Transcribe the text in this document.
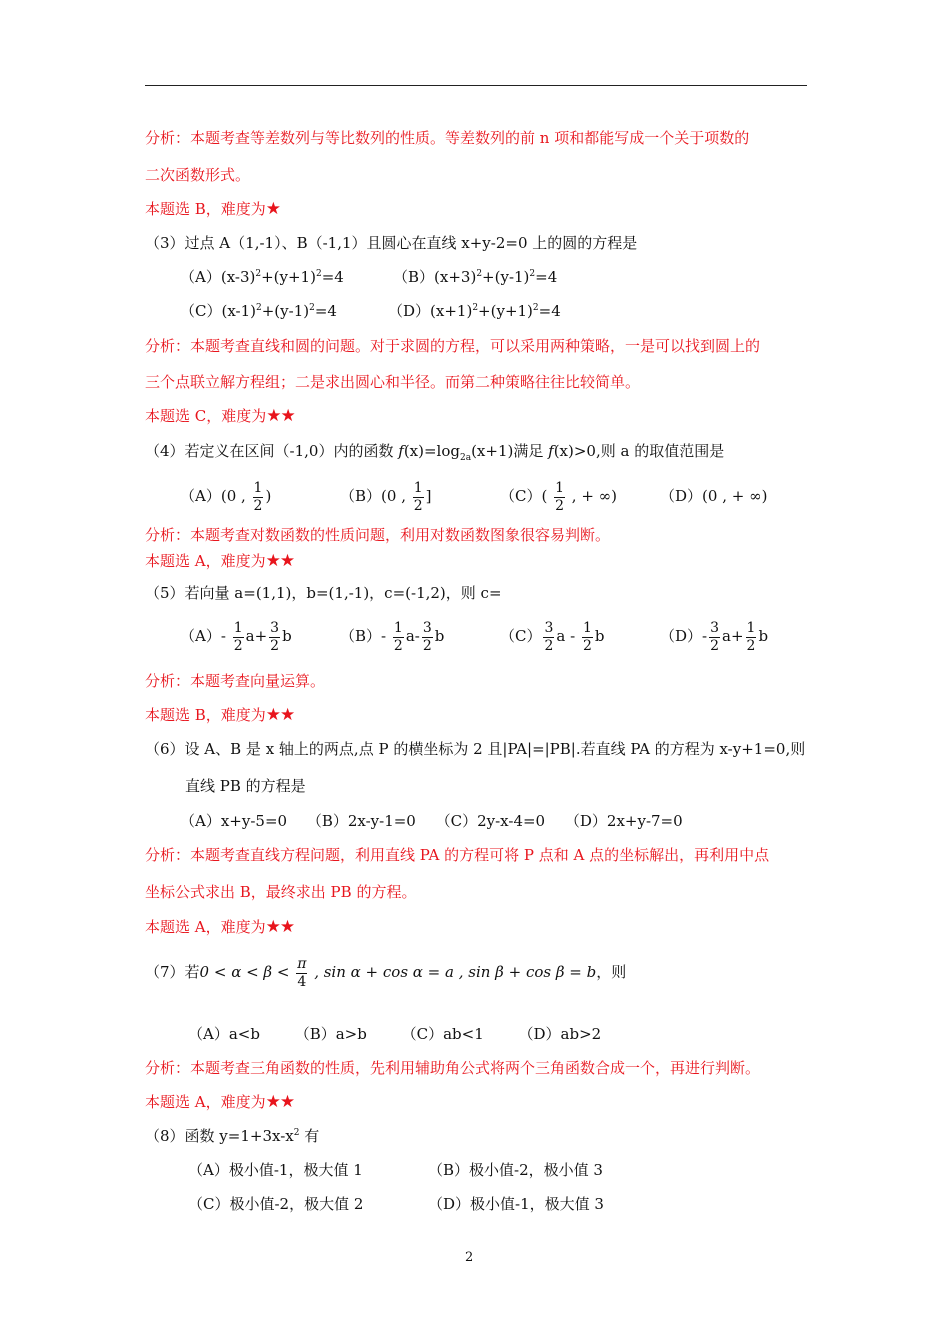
分析：本题考查等差数列与等比数列的性质。等差数列的前 n 项和都能写成一个关于项数的
二次函数形式。
本题选 B，难度为★
（3）过点 A（1,-1）、B（-1,1）且圆心在直线 x+y-2=0 上的圆的方程是
$(A)(x-3)^2+(y+1)^2=4$	$(B)(x+3)^2+(y-1)^2=4$
$(C)(x-1)^2+(y-1)^2=4$	$(D)(x+1)^2+(y+1)^2=4$
分析：本题考查直线和圆的问题。对于求圆的方程，可以采用两种策略，一是可以找到圆上的
三个点联立解方程组；二是求出圆心和半径。而第二种策略往往比较简单。
本题选 C，难度为★★
（4）若定义在区间（-1,0）内的函数 $f(x)=\log_{2a}(x+1)$满足 f(x)>0,则 a 的取值范围是
（A）(0 , $\frac{1}{2}$ )	（B）(0 , $\frac{1}{2}$ ]	$(C)( \frac{1}{2}$ , + ∞)	（D）(0 , + ∞)
分析：本题考查对数函数的性质问题，利用对数函数图象很容易判断。
本题选 A，难度为★★
（5）若向量 a=(1,1)，b=(1,-1)，c=(-1,2)，则 c=
$(A)- \frac{1}{2} a+ \frac{3}{2}$ b	$(B)- \frac{1}{2} a- \frac{3}{2}$ b	$(C) \frac{3}{2}$ a - $\frac{1}{2}$ b	$(D)- \frac{3}{2} a+ \frac{1}{2}$ b
分析：本题考查向量运算。
本题选 B，难度为★★
（6）设 A、B 是 x 轴上的两点,点 P 的横坐标为 2 且|PA|=|PB|.若直线 PA 的方程为 x-y+1=0,则
直线 PB 的方程是
（A）x+y-5=0　 （B）2x-y-1=0　 （C）2y-x-4=0　 （D）2x+y-7=0
分析：本题考查直线方程问题，利用直线 PA 的方程可将 P 点和 A 点的坐标解出，再利用中点
坐标公式求出 B，最终求出 PB 的方程。
本题选 A，难度为★★
（7）若$0 < \alpha < \beta < \frac{\pi}{4}$ , sin α + cos α = a , sin β + cos β = b，则
（A）a<b　　 （B）a>b　　 （C）ab<1　　 （D）ab>2
分析：本题考查三角函数的性质，先利用辅助角公式将两个三角函数合成一个，再进行判断。
本题选 A，难度为★★
（8）函数 $y=1+3x-x^2$ 有
（A）极小值-1，极大值 1	（B）极小值-2，极小值 3
（C）极小值-2，极大值 2	（D）极小值-1，极大值 3
2
